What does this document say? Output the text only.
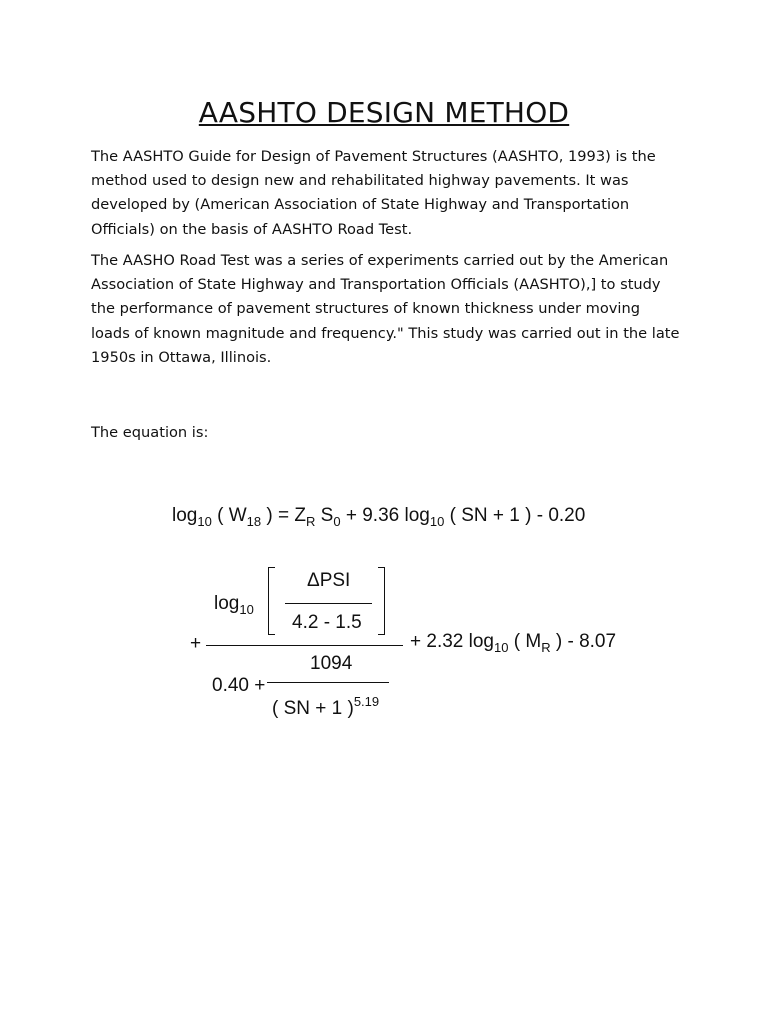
AASHTO DESIGN METHOD

The AASHTO Guide for Design of Pavement Structures (AASHTO, 1993) is the method used to design new and rehabilitated highway pavements. It was developed by (American Association of State Highway and Transportation Officials) on the basis of AASHTO Road Test.

The AASHO Road Test was a series of experiments carried out by the American Association of State Highway and Transportation Officials (AASHTO),] to study the performance of pavement structures of known thickness under moving loads of known magnitude and frequency." This study was carried out in the late 1950s in Ottawa, Illinois.

The equation is:

$\log_{10}$ ( $W_{18}$ ) = $Z_R$ $S_0 + 9.36$ $\log_{10}$ ( SN + 1 ) - 0.20
$\log_{10}$
ΔPSI
4.2 - 1.5
+	+ 2.32 $\log_{10}$ ( $M_R$ ) - 8.07
1094
0.40 +
( SN + 1 )$^{5.19}$
